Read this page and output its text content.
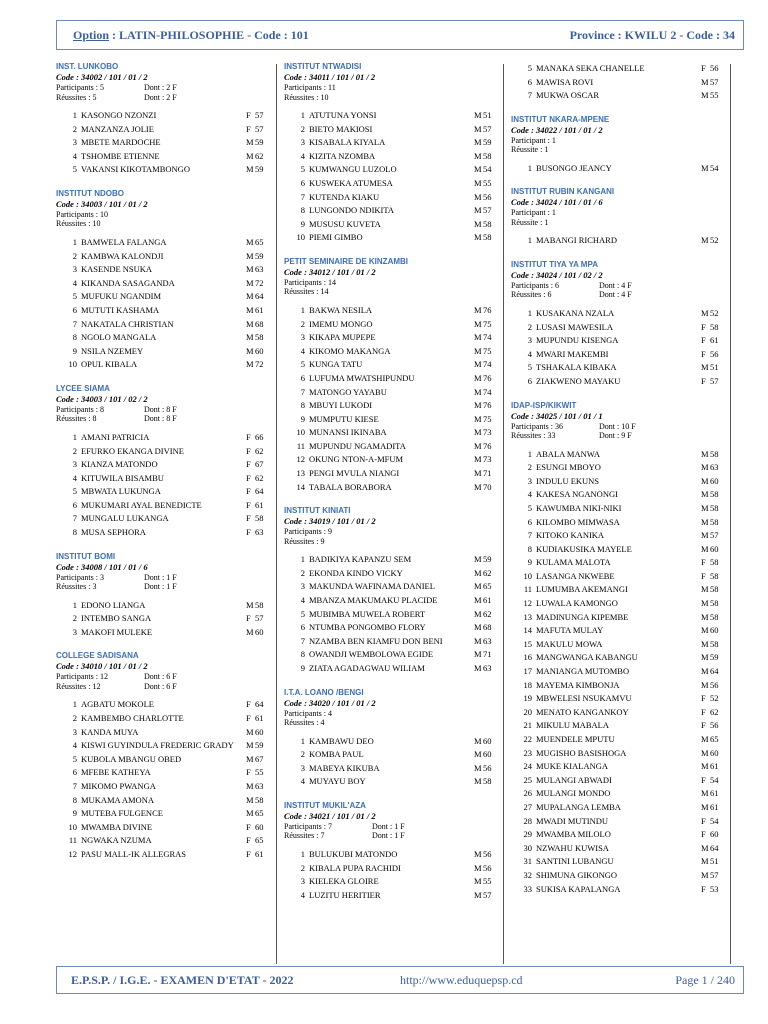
Option : LATIN-PHILOSOPHIE - Code : 101	Province : KWILU 2 - Code : 34
INST. LUNKOBO
Code : 34002 / 101 / 01 / 2
Participants : 5	Dont : 2 F
Réussites : 5	Dont : 2 F
1 KASONGO NZONZI	F 57
2 MANZANZA JOLIE	F 57
3 MBETE MARDOCHE	M 59
4 TSHOMBE ETIENNE	M 62
5 VAKANSI KIKOTAMBONGO	M 59
INSTITUT NDOBO
Code : 34003 / 101 / 01 / 2
Participants : 10
Réussites : 10
1 BAMWELA FALANGA	M 65
2 KAMBWA KALONDJI	M 59
3 KASENDE NSUKA	M 63
4 KIKANDA SASAGANDA	M 72
5 MUFUKU NGANDIM	M 64
6 MUTUTI KASHAMA	M 61
7 NAKATALA CHRISTIAN	M 68
8 NGOLO MANGALA	M 58
9 NSILA NZEMEY	M 60
10 OPUL KIBALA	M 72
LYCEE SIAMA
Code : 34003 / 101 / 02 / 2
Participants : 8	Dont : 8 F
Réussites : 8	Dont : 8 F
1 AMANI PATRICIA	F 66
2 EFURKO EKANGA DIVINE	F 62
3 KIANZA MATONDO	F 67
4 KITUWILA BISAMBU	F 62
5 MBWATA LUKUNGA	F 64
6 MUKUMARI AYAL BENEDICTE	F 61
7 MUNGALU LUKANGA	F 58
8 MUSA SEPHORA	F 63
INSTITUT BOMI
Code : 34008 / 101 / 01 / 6
Participants : 3	Dont : 1 F
Réussites : 3	Dont : 1 F
1 EDONO LIANGA	M 58
2 INTEMBO SANGA	F 57
3 MAKOFI MULEKE	M 60
COLLEGE SADISANA
Code : 34010 / 101 / 01 / 2
Participants : 12	Dont : 6 F
Réussites : 12	Dont : 6 F
1 AGBATU MOKOLE	F 64
2 KAMBEMBO CHARLOTTE	F 61
3 KANDA MUYA	M 60
4 KISWI GUYINDULA FREDERIC GRADY M 59
5 KUBOLA MBANGU OBED	M 67
6 MFEBE KATHEYA	F 55
7 MIKOMO PWANGA	M 63
8 MUKAMA AMONA	M 58
9 MUTEBA FULGENCE	M 65
10 MWAMBA DIVINE	F 60
11 NGWAKA NZUMA	F 65
12 PASU MALL-IK ALLEGRAS	F 61
INSTITUT NTWADISI
Code : 34011 / 101 / 01 / 2
Participants : 11
Réussites : 10
1 ATUTUNA YONSI	M 51
2 BIETO MAKIOSI	M 57
3 KISABALA KIYALA	M 59
4 KIZITA NZOMBA	M 58
5 KUMWANGU LUZOLO	M 54
6 KUSWEKA ATUMESA	M 55
7 KUTENDA KIAKU	M 56
8 LUNGONDO NDIKITA	M 57
9 MUSUSU KUVETA	M 58
10 PIEMI GIMBO	M 58
PETIT SEMINAIRE DE KINZAMBI
Code : 34012 / 101 / 01 / 2
Participants : 14
Réussites : 14
1 BAKWA NESILA	M 76
2 IMEMU MONGO	M 75
3 KIKAPA MUPEPE	M 74
4 KIKOMO MAKANGA	M 75
5 KUNGA TATU	M 74
6 LUFUMA MWATSHIPUNDU	M 76
7 MATONGO YAYABU	M 74
8 MBUYI LUKODI	M 76
9 MUMPUTU KIESE	M 75
10 MUNANSI IKINABA	M 73
11 MUPUNDU NGAMADITA	M 76
12 OKUNG NTON-A-MFUM	M 73
13 PENGI MVULA NIANGI	M 71
14 TABALA BORABORA	M 70
INSTITUT KINIATI
Code : 34019 / 101 / 01 / 2
Participants : 9
Réussites : 9
1 BADIKIYA KAPANZU SEM	M 59
2 EKONDA KINDO VICKY	M 62
3 MAKUNDA WAFINAMA DANIEL	M 65
4 MBANZA MAKUMAKU PLACIDE	M 61
5 MUBIMBA MUWELA ROBERT	M 62
6 NTUMBA PONGOMBO FLORY	M 68
7 NZAMBA BEN KIAMFU DON BENI	M 63
8 OWANDJI WEMBOLOWA EGIDE	M 71
9 ZIATA AGADAGWAU WILIAM	M 63
I.T.A. LOANO /BENGI
Code : 34020 / 101 / 01 / 2
Participants : 4
Réussites : 4
1 KAMBAWU DEO	M 60
2 KOMBA PAUL	M 60
3 MABEYA KIKUBA	M 56
4 MUYAYU BOY	M 58
INSTITUT MUKIL'AZA
Code : 34021 / 101 / 01 / 2
Participants : 7	Dont : 1 F
Réussites : 7	Dont : 1 F
1 BULUKUBI MATONDO	M 56
2 KIBALA PUPA RACHIDI	M 56
3 KIELEKA GLOIRE	M 55
4 LUZITU HERITIER	M 57
5 MANAKA SEKA CHANELLE	F 56
6 MAWISA ROVI	M 57
7 MUKWA OSCAR	M 55
INSTITUT NKARA-MPENE
Code : 34022 / 101 / 01 / 2
Participant : 1
Réussite : 1
1 BUSONGO JEANCY	M 54
INSTITUT RUBIN KANGANI
Code : 34024 / 101 / 01 / 6
Participant : 1
Réussite : 1
1 MABANGI RICHARD	M 52
INSTITUT TIYA YA MPA
Code : 34024 / 101 / 02 / 2
Participants : 6	Dont : 4 F
Réussites : 6	Dont : 4 F
1 KUSAKANA NZALA	M 52
2 LUSASI MAWESILA	F 58
3 MUPUNDU KISENGA	F 61
4 MWARI MAKEMBI	F 56
5 TSHAKALA KIBAKA	M 51
6 ZIAKWENO MAYAKU	F 57
IDAP-ISP/KIKWIT
Code : 34025 / 101 / 01 / 1
Participants : 36	Dont : 10 F
Réussites : 33	Dont : 9 F
1 ABALA MANWA	M 58
2 ESUNGI MBOYO	M 63
3 INDULU EKUNS	M 60
4 KAKESA NGANONGI	M 58
5 KAWUMBA NIKI-NIKI	M 58
6 KILOMBO MIMWASA	M 58
7 KITOKO KANIKA	M 57
8 KUDIAKUSIKA MAYELE	M 60
9 KULAMA MALOTA	F 58
10 LASANGA NKWEBE	F 58
11 LUMUMBA AKEMANGI	M 58
12 LUWALA KAMONGO	M 58
13 MADINUNGA KIPEMBE	M 58
14 MAFUTA MULAY	M 60
15 MAKULU MOWA	M 58
16 MANGWANGA KABANGU	M 59
17 MANIANGA MUTOMBO	M 64
18 MAYEMA KIMBONJA	M 56
19 MBWELESI NSUKAMVU	F 52
20 MENATO KANGANKOY	F 62
21 MIKULU MABALA	F 56
22 MUENDELE MPUTU	M 65
23 MUGISHO BASISHOGA	M 60
24 MUKE KIALANGA	M 61
25 MULANGI ABWADI	F 54
26 MULANGI MONDO	M 61
27 MUPALANGA LEMBA	M 61
28 MWADI MUTINDU	F 54
29 MWAMBA MILOLO	F 60
30 NZWAHU KUWISA	M 64
31 SANTINI LUBANGU	M 51
32 SHIMUNA GIKONGO	M 57
33 SUKISA KAPALANGA	F 53
E.P.S.P. / I.G.E. - EXAMEN D'ETAT - 2022	http://www.eduquepsp.cd	Page 1 / 240
